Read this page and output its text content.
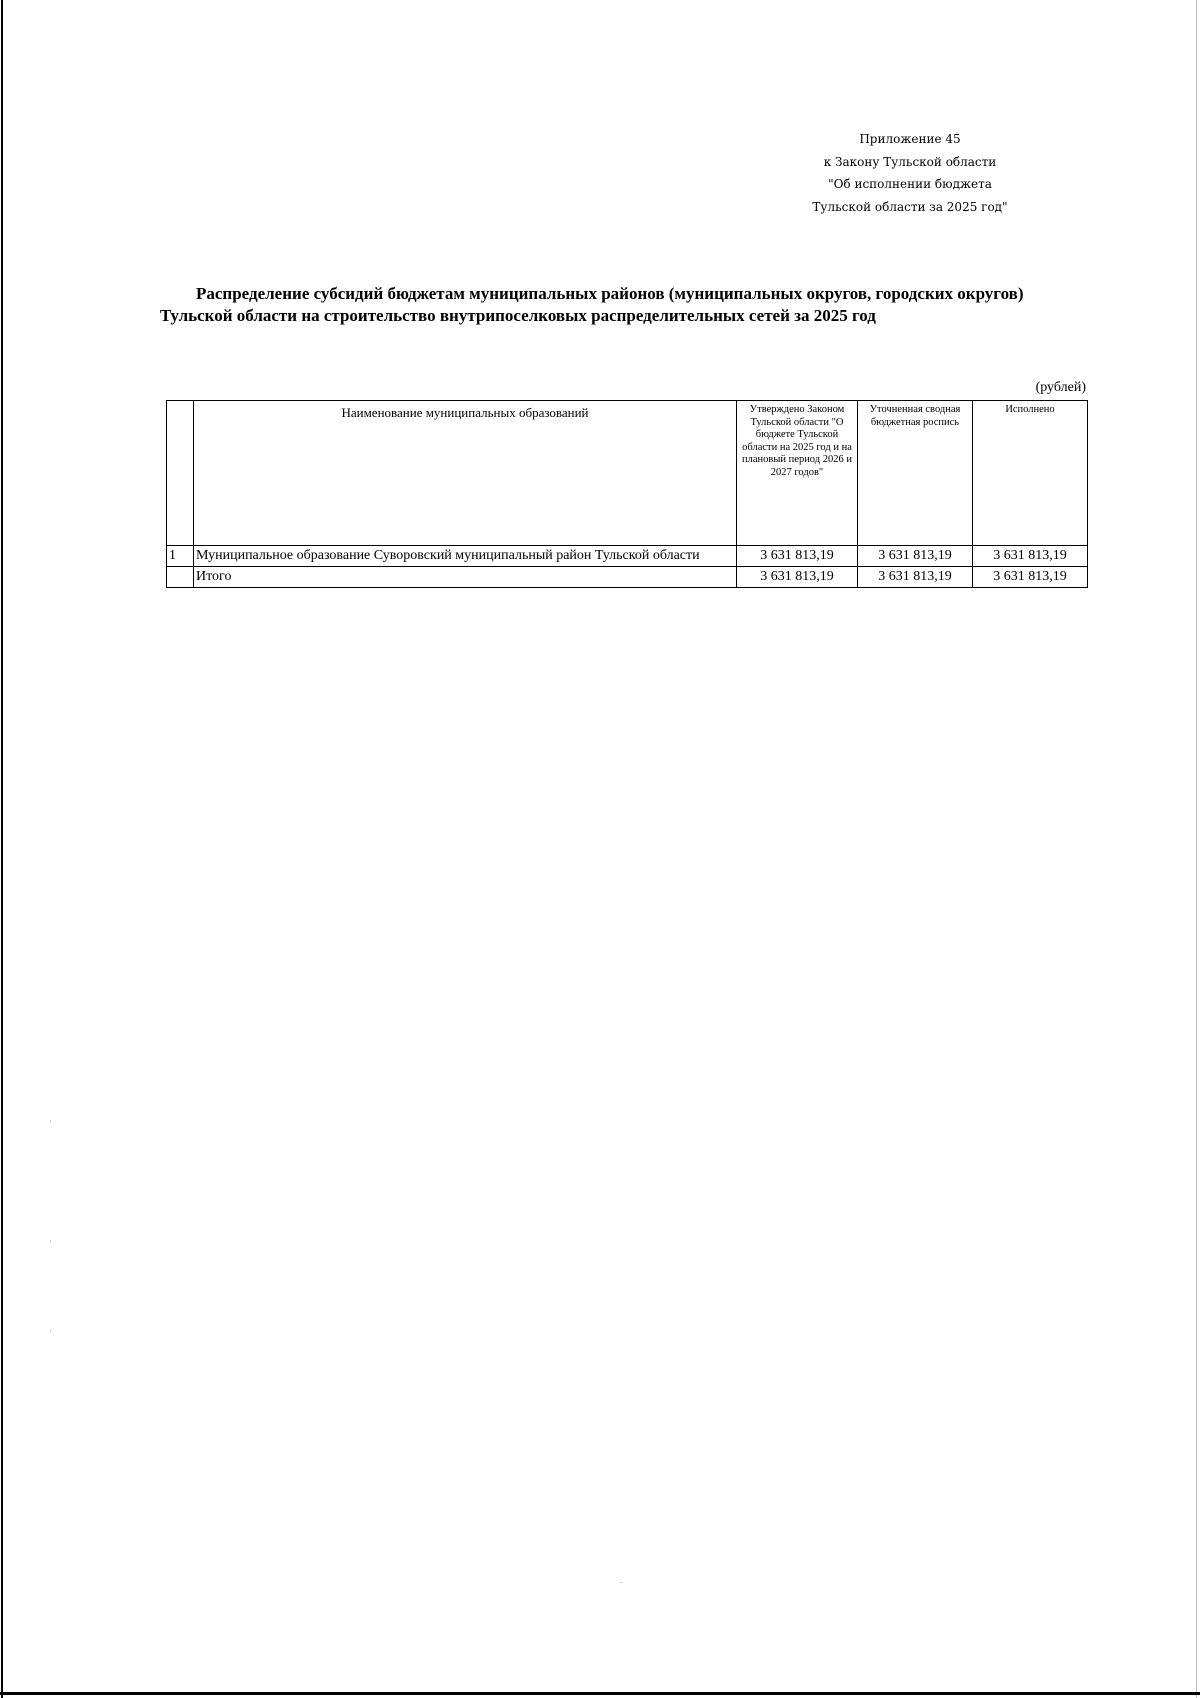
Приложение 45
к Закону Тульской области
"Об исполнении бюджета
Тульской области за 2025 год"
Распределение субсидий бюджетам муниципальных районов (муниципальных округов, городских округов)
Тульской области на строительство внутрипоселковых распределительных сетей за 2025 год
(рублей)
	Наименование муниципальных образований	Утверждено Законом Тульской области "О бюджете Тульской области на 2025 год и на плановый период 2026 и 2027 годов"	Уточненная сводная бюджетная роспись	Исполнено
1	Муниципальное образование Суворовский муниципальный район Тульской области	3 631 813,19	3 631 813,19	3 631 813,19
	Итого	3 631 813,19	3 631 813,19	3 631 813,19
